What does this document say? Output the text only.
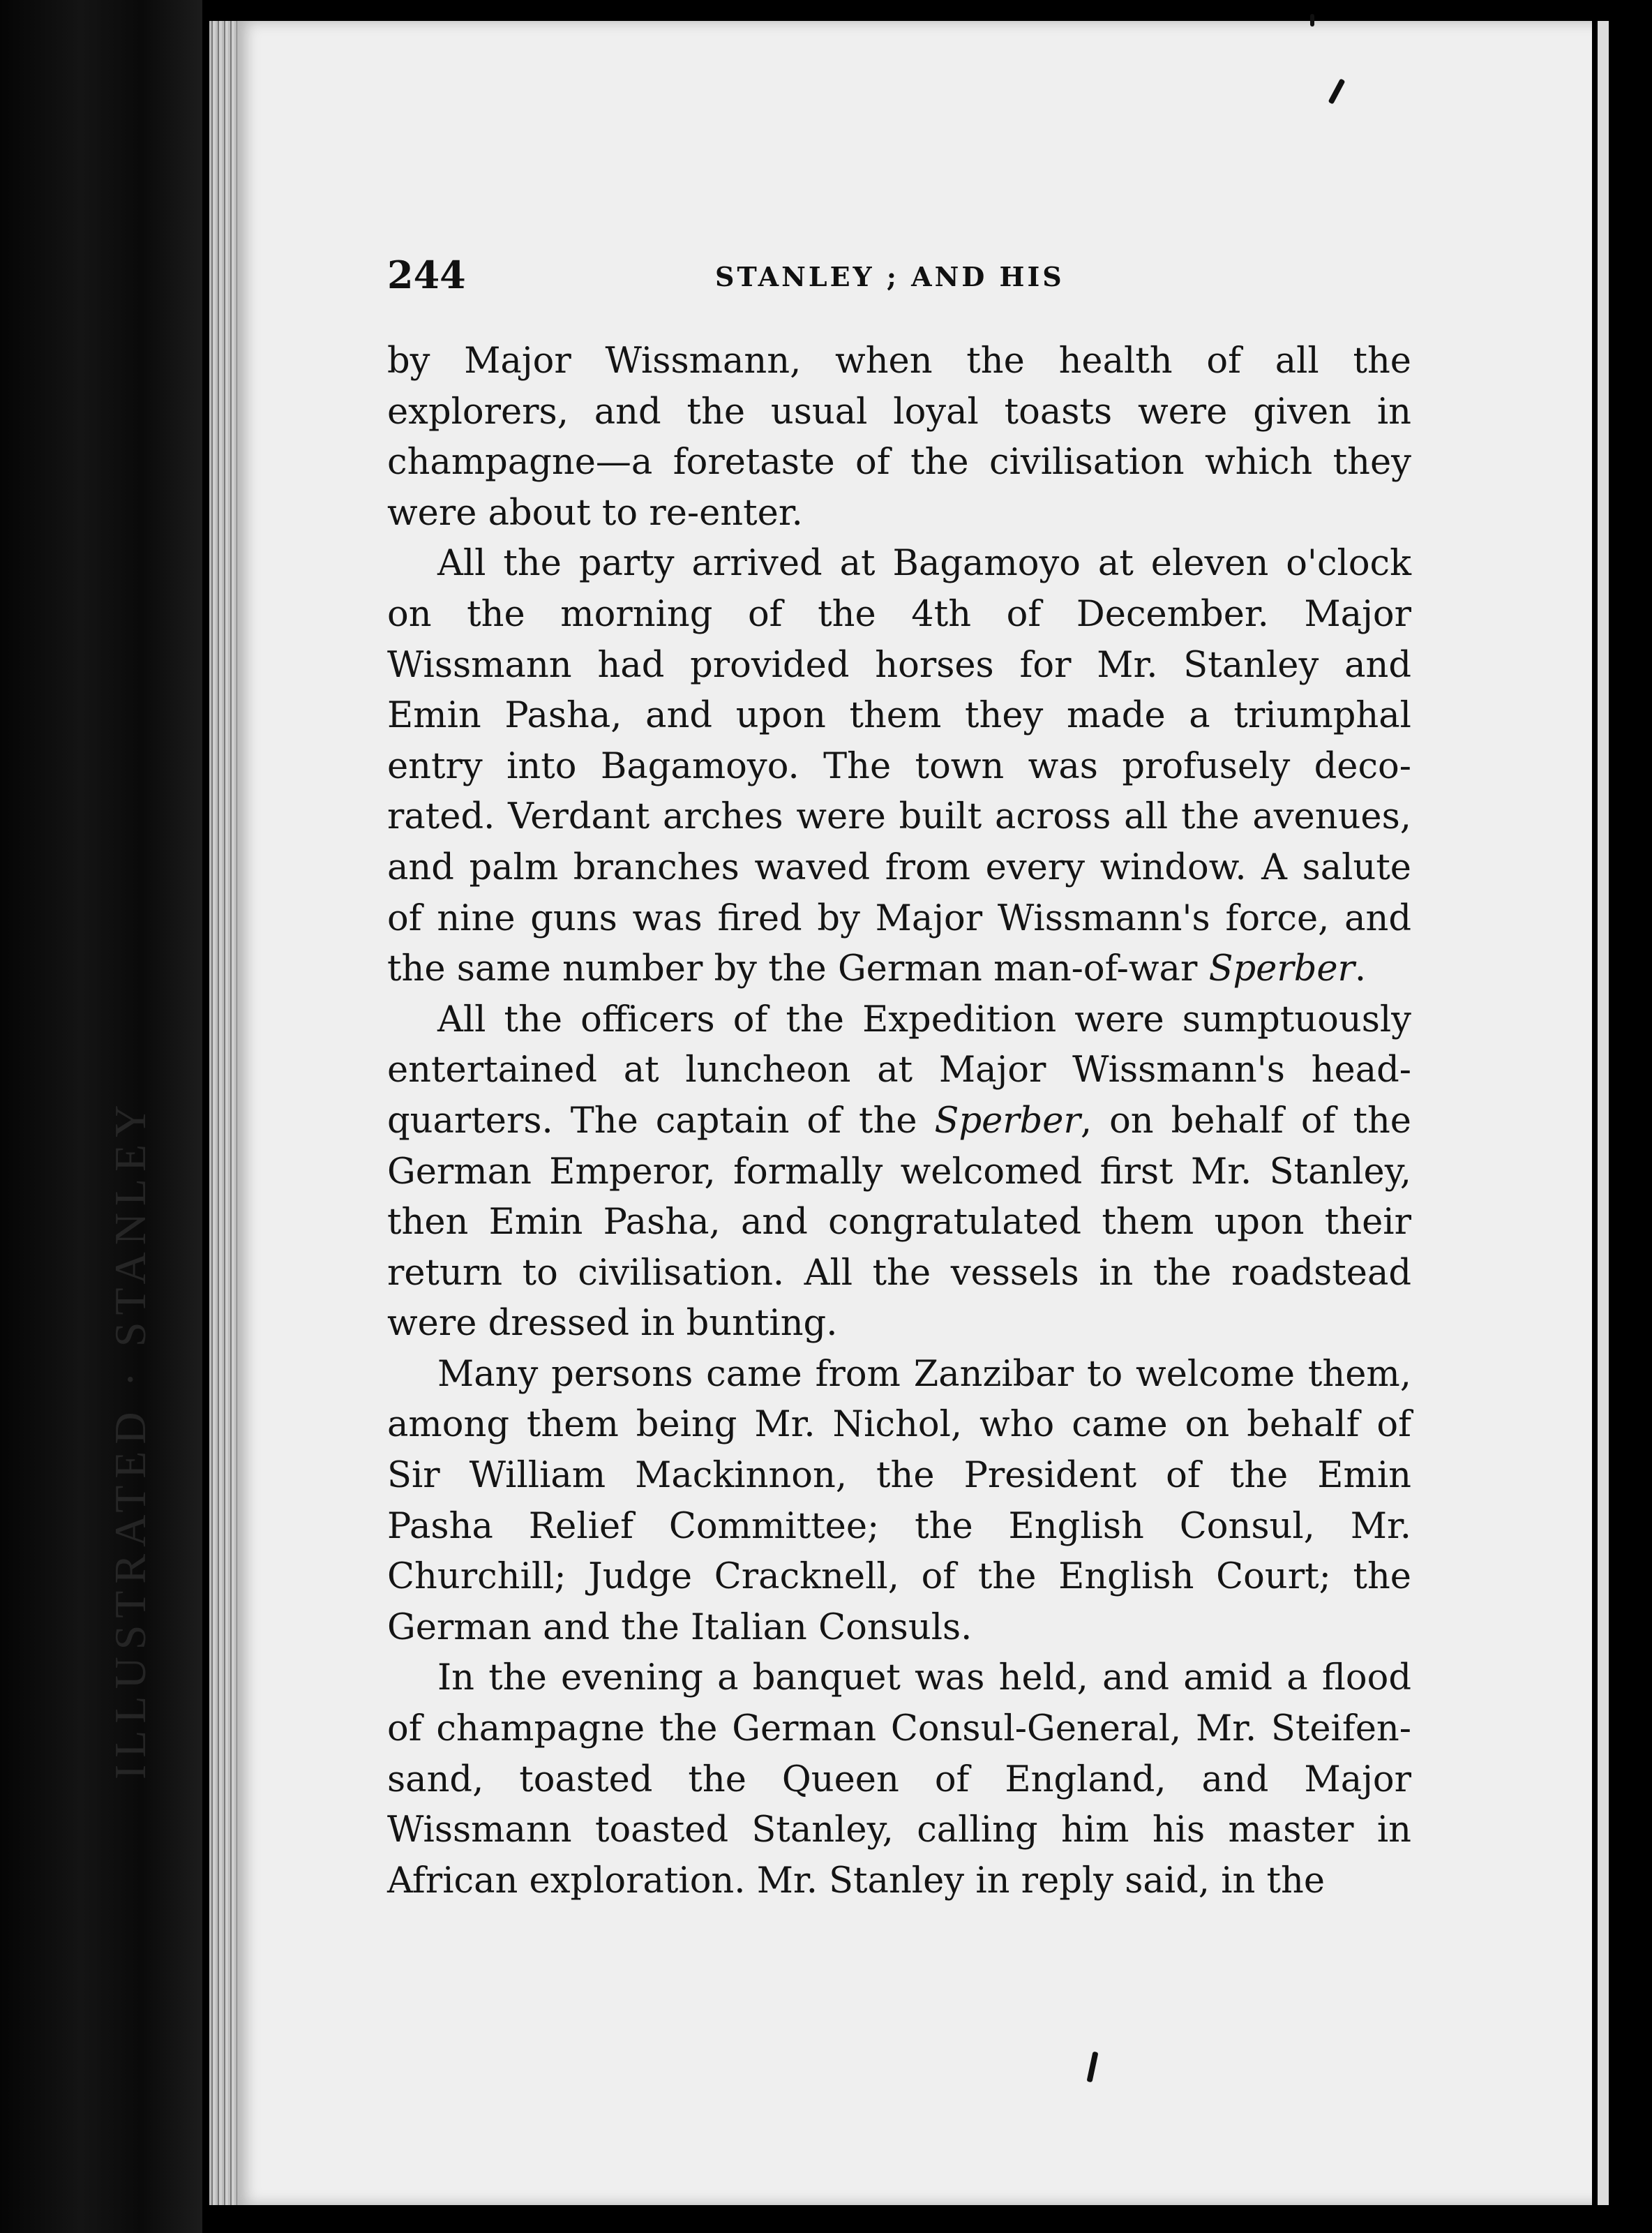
ILLUSTRATED · STANLEY
244	STANLEY ; AND HIS
by Major Wissmann, when the health of all the
explorers, and the usual loyal toasts were given in
champagne—a foretaste of the civilisation which they
were about to re-enter.
All the party arrived at Bagamoyo at eleven o'clock
on the morning of the 4th of December. Major
Wissmann had provided horses for Mr. Stanley and
Emin Pasha, and upon them they made a triumphal
entry into Bagamoyo. The town was profusely deco-
rated. Verdant arches were built across all the avenues,
and palm branches waved from every window. A salute
of nine guns was fired by Major Wissmann's force, and
the same number by the German man-of-war Sperber.
All the officers of the Expedition were sumptuously
entertained at luncheon at Major Wissmann's head-
quarters. The captain of the Sperber, on behalf of the
German Emperor, formally welcomed first Mr. Stanley,
then Emin Pasha, and congratulated them upon their
return to civilisation. All the vessels in the roadstead
were dressed in bunting.
Many persons came from Zanzibar to welcome them,
among them being Mr. Nichol, who came on behalf of
Sir William Mackinnon, the President of the Emin
Pasha Relief Committee; the English Consul, Mr.
Churchill; Judge Cracknell, of the English Court; the
German and the Italian Consuls.
In the evening a banquet was held, and amid a flood
of champagne the German Consul-General, Mr. Steifen-
sand, toasted the Queen of England, and Major
Wissmann toasted Stanley, calling him his master in
African exploration. Mr. Stanley in reply said, in the
